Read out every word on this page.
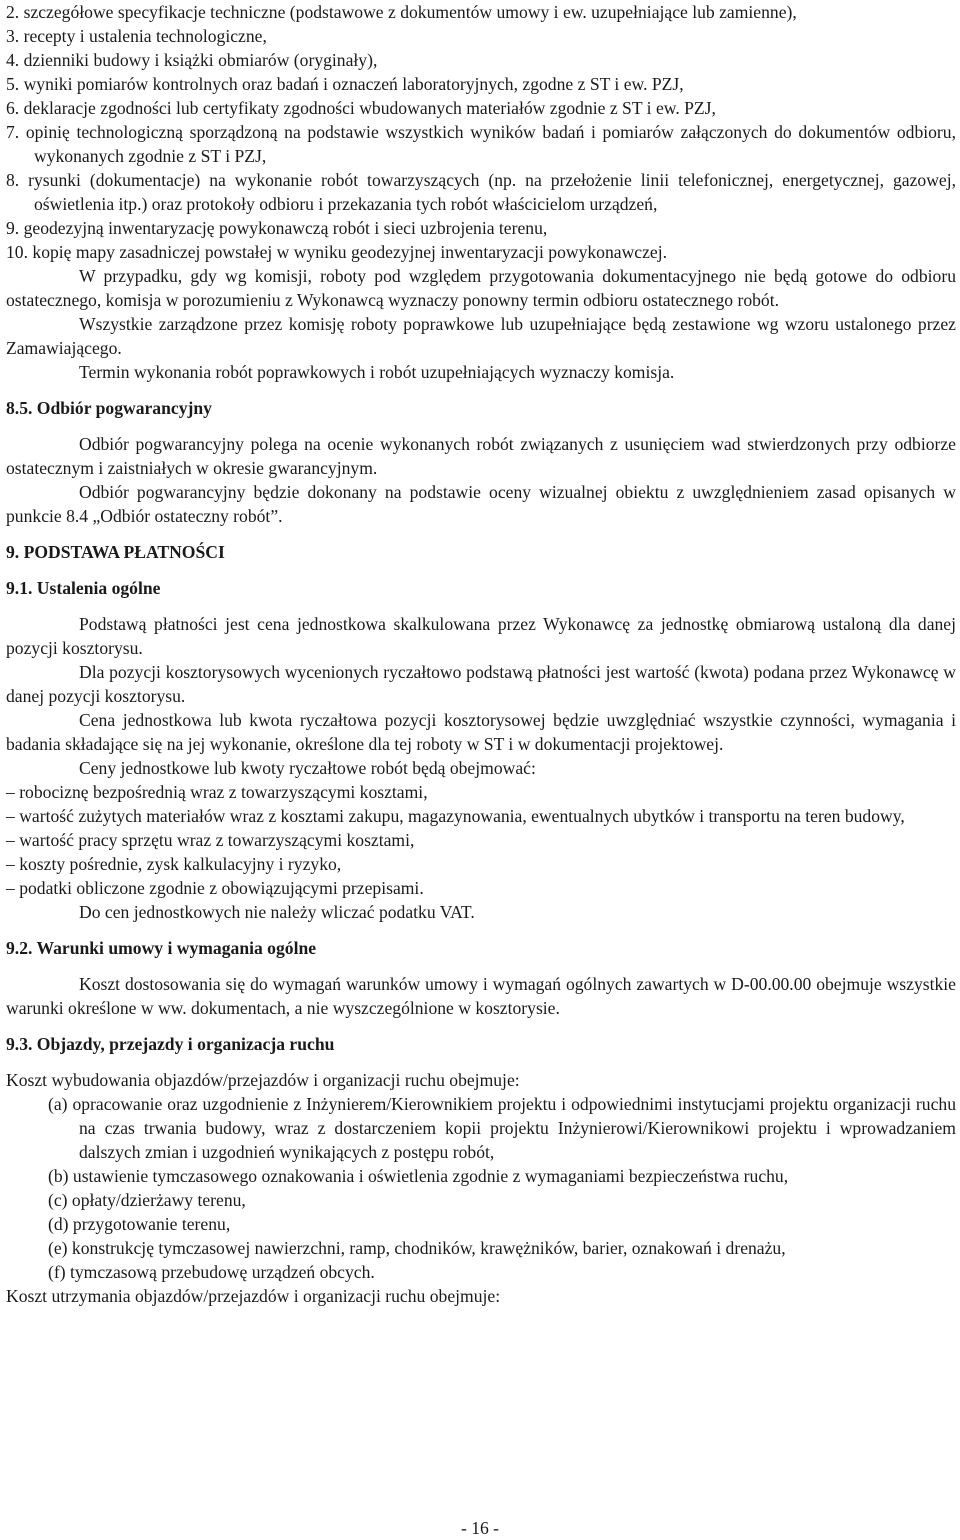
2. szczegółowe specyfikacje techniczne (podstawowe z dokumentów umowy i ew. uzupełniające lub zamienne),

3. recepty i ustalenia technologiczne,

4. dzienniki budowy i książki obmiarów (oryginały),

5. wyniki pomiarów kontrolnych oraz badań i oznaczeń laboratoryjnych, zgodne z ST i ew. PZJ,

6. deklaracje zgodności lub certyfikaty zgodności wbudowanych materiałów zgodnie z ST i ew. PZJ,

7. opinię technologiczną sporządzoną na podstawie wszystkich wyników badań i pomiarów załączonych do dokumentów odbioru, wykonanych zgodnie z ST i PZJ,

8. rysunki (dokumentacje) na wykonanie robót towarzyszących (np. na przełożenie linii telefonicznej, energetycznej, gazowej, oświetlenia itp.) oraz protokoły odbioru i przekazania tych robót właścicielom urządzeń,

9. geodezyjną inwentaryzację powykonawczą robót i sieci uzbrojenia terenu,

10. kopię mapy zasadniczej powstałej w wyniku geodezyjnej inwentaryzacji powykonawczej.

W przypadku, gdy wg komisji, roboty pod względem przygotowania dokumentacyjnego nie będą gotowe do odbioru ostatecznego, komisja w porozumieniu z Wykonawcą wyznaczy ponowny termin odbioru ostatecznego robót.

Wszystkie zarządzone przez komisję roboty poprawkowe lub uzupełniające będą zestawione wg wzoru ustalonego przez Zamawiającego.

Termin wykonania robót poprawkowych i robót uzupełniających wyznaczy komisja.

8.5. Odbiór pogwarancyjny

Odbiór pogwarancyjny polega na ocenie wykonanych robót związanych z usunięciem wad stwierdzonych przy odbiorze ostatecznym i zaistniałych w okresie gwarancyjnym.

Odbiór pogwarancyjny będzie dokonany na podstawie oceny wizualnej obiektu z uwzględnieniem zasad opisanych w punkcie 8.4 „Odbiór ostateczny robót”.

9. PODSTAWA PŁATNOŚCI
9.1. Ustalenia ogólne

Podstawą płatności jest cena jednostkowa skalkulowana przez Wykonawcę za jednostkę obmiarową ustaloną dla danej pozycji kosztorysu.

Dla pozycji kosztorysowych wycenionych ryczałtowo podstawą płatności jest wartość (kwota) podana przez Wykonawcę w danej pozycji kosztorysu.

Cena jednostkowa lub kwota ryczałtowa pozycji kosztorysowej będzie uwzględniać wszystkie czynności, wymagania i badania składające się na jej wykonanie, określone dla tej roboty w ST i w dokumentacji projektowej.

Ceny jednostkowe lub kwoty ryczałtowe robót będą obejmować:

– robociznę bezpośrednią wraz z towarzyszącymi kosztami,

– wartość zużytych materiałów wraz z kosztami zakupu, magazynowania, ewentualnych ubytków i transportu na teren budowy,

– wartość pracy sprzętu wraz z towarzyszącymi kosztami,

– koszty pośrednie, zysk kalkulacyjny i ryzyko,

– podatki obliczone zgodnie z obowiązującymi przepisami.

Do cen jednostkowych nie należy wliczać podatku VAT.

9.2. Warunki umowy i wymagania ogólne

Koszt dostosowania się do wymagań warunków umowy i wymagań ogólnych zawartych w D-00.00.00 obejmuje wszystkie warunki określone w ww. dokumentach, a nie wyszczególnione w kosztorysie.

9.3. Objazdy, przejazdy i organizacja ruchu

Koszt wybudowania objazdów/przejazdów i organizacji ruchu obejmuje:

(a) opracowanie oraz uzgodnienie z Inżynierem/Kierownikiem projektu i odpowiednimi instytucjami projektu organizacji ruchu na czas trwania budowy, wraz z dostarczeniem kopii projektu Inżynierowi/Kierownikowi projektu i wprowadzaniem dalszych zmian i uzgodnień wynikających z postępu robót,

(b) ustawienie tymczasowego oznakowania i oświetlenia zgodnie z wymaganiami bezpieczeństwa ruchu,

(c) opłaty/dzierżawy terenu,

(d) przygotowanie terenu,

(e) konstrukcję tymczasowej nawierzchni, ramp, chodników, krawężników, barier, oznakowań i drenażu,

(f) tymczasową przebudowę urządzeń obcych.

Koszt utrzymania objazdów/przejazdów i organizacji ruchu obejmuje:

- 16 -
